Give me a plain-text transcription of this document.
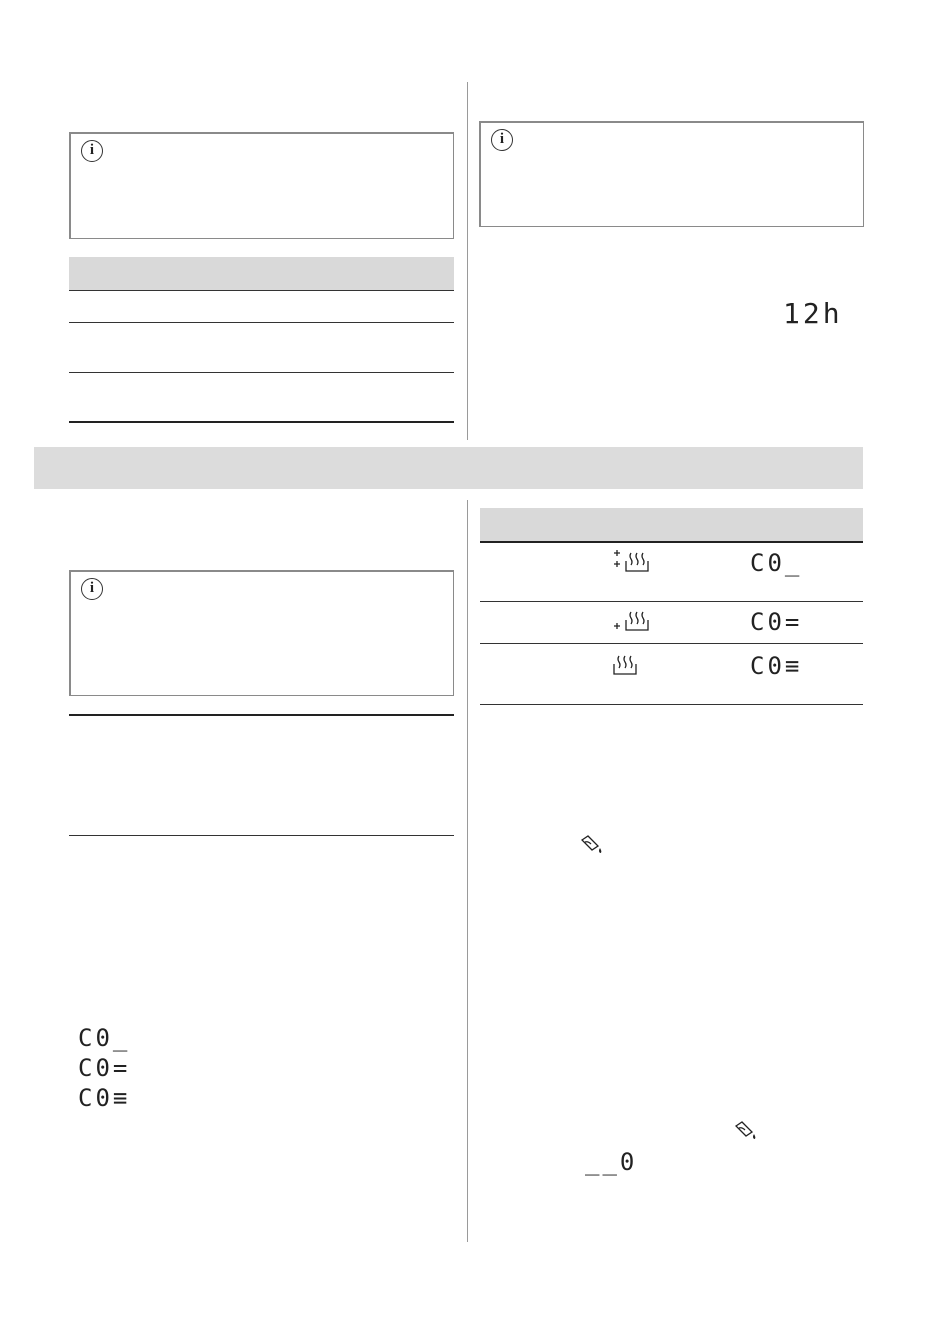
i
i
12h
i
C0_
C0=
C0≡
C0_
C0=
C0≡
__0
